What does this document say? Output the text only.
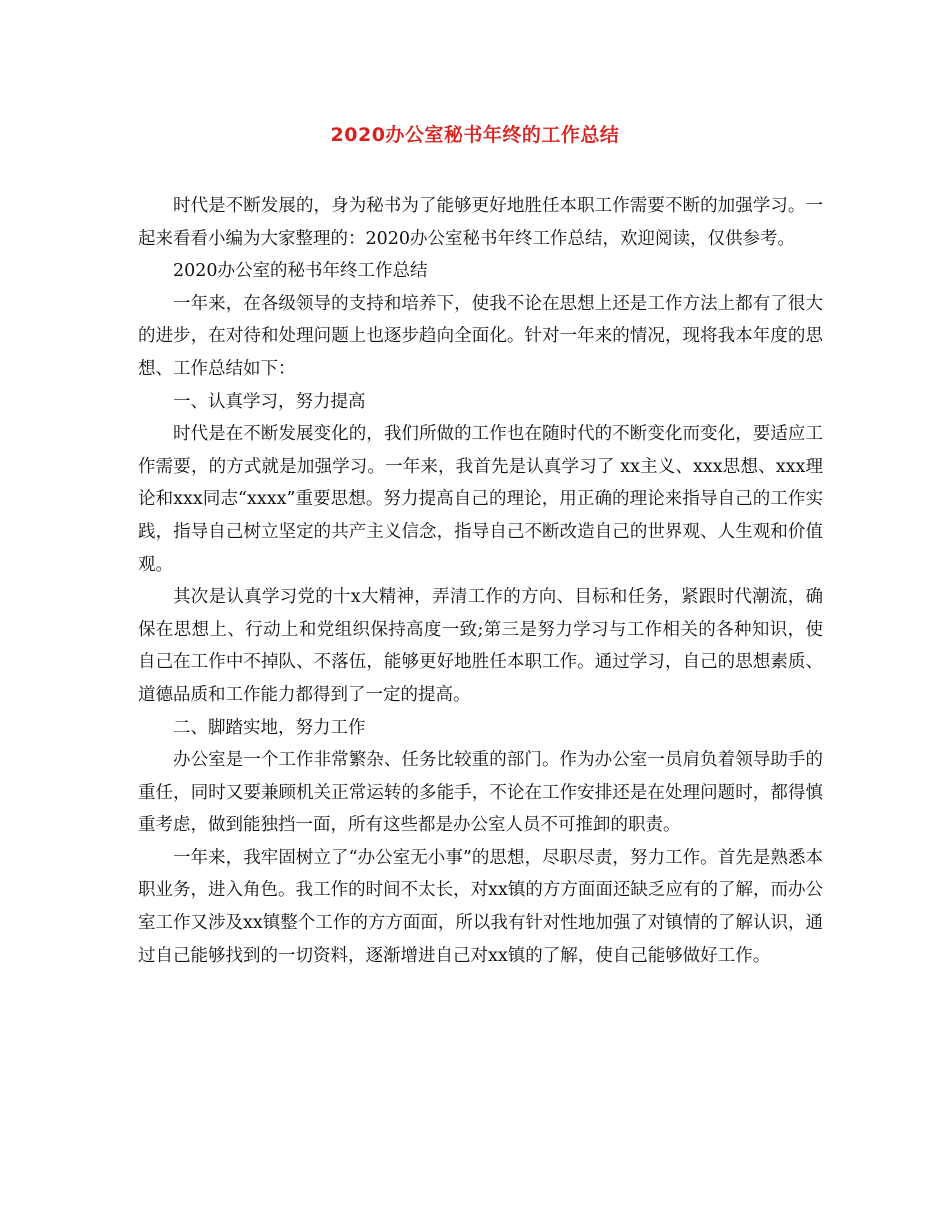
2020办公室秘书年终的工作总结

时代是不断发展的，身为秘书为了能够更好地胜任本职工作需要不断的加强学习。一起来看看小编为大家整理的：2020办公室秘书年终工作总结，欢迎阅读，仅供参考。

2020办公室的秘书年终工作总结

一年来，在各级领导的支持和培养下，使我不论在思想上还是工作方法上都有了很大的进步，在对待和处理问题上也逐步趋向全面化。针对一年来的情况，现将我本年度的思想、工作总结如下：

一、认真学习，努力提高

时代是在不断发展变化的，我们所做的工作也在随时代的不断变化而变化，要适应工作需要，的方式就是加强学习。一年来，我首先是认真学习了 xx主义、xxx思想、xxx理论和xxx同志“xxxx”重要思想。努力提高自己的理论，用正确的理论来指导自己的工作实践，指导自己树立坚定的共产主义信念，指导自己不断改造自己的世界观、人生观和价值观。

其次是认真学习党的十x大精神，弄清工作的方向、目标和任务，紧跟时代潮流，确保在思想上、行动上和党组织保持高度一致;第三是努力学习与工作相关的各种知识，使自己在工作中不掉队、不落伍，能够更好地胜任本职工作。通过学习，自己的思想素质、道德品质和工作能力都得到了一定的提高。

二、脚踏实地，努力工作

办公室是一个工作非常繁杂、任务比较重的部门。作为办公室一员肩负着领导助手的重任，同时又要兼顾机关正常运转的多能手，不论在工作安排还是在处理问题时，都得慎重考虑，做到能独挡一面，所有这些都是办公室人员不可推卸的职责。

一年来，我牢固树立了“办公室无小事”的思想，尽职尽责，努力工作。首先是熟悉本职业务，进入角色。我工作的时间不太长，对xx镇的方方面面还缺乏应有的了解，而办公室工作又涉及xx镇整个工作的方方面面，所以我有针对性地加强了对镇情的了解认识，通过自己能够找到的一切资料，逐渐增进自己对xx镇的了解，使自己能够做好工作。
